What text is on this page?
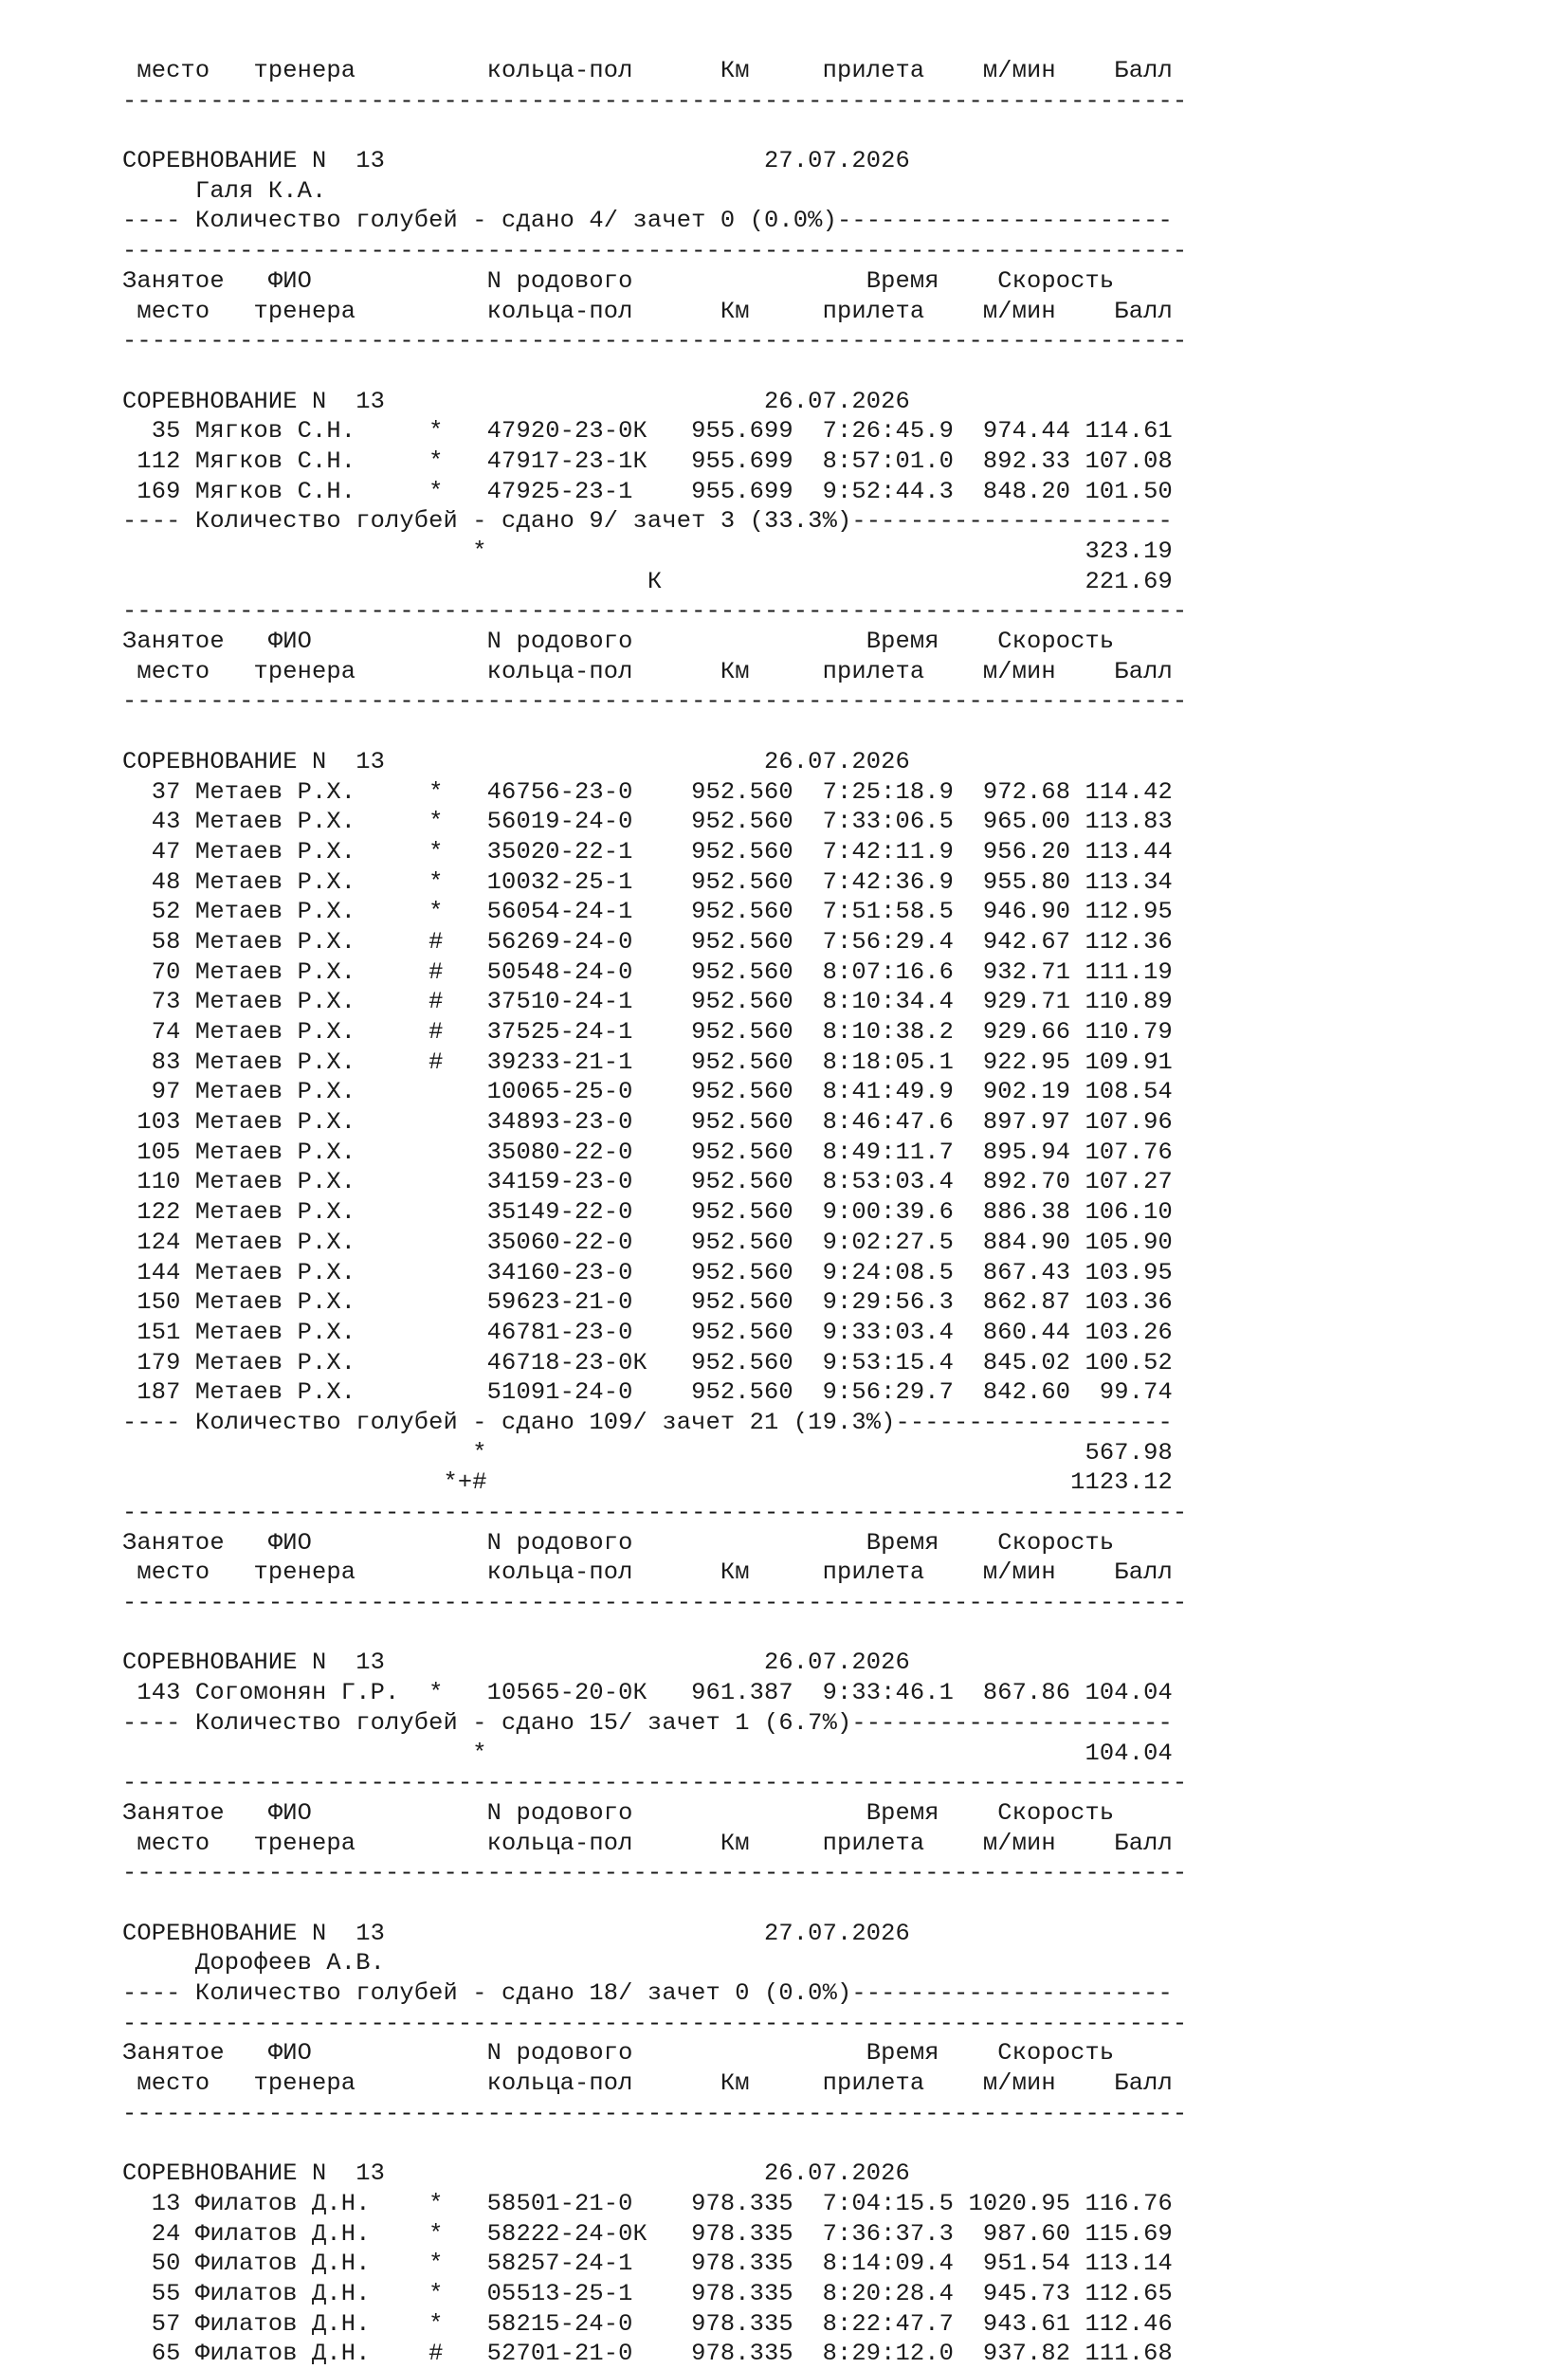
место   тренера         кольца-пол      Км     прилета    м/мин    Балл
-------------------------------------------------------------------------
СОРЕВНОВАНИЕ N  13                          27.07.2026
Галя К.А.
---- Количество голубей - сдано 4/ зачет 0 (0.0%)-----------------------
-------------------------------------------------------------------------
Занятое   ФИО            N родового                Время    Скорость
место   тренера         кольца-пол      Км     прилета    м/мин    Балл
-------------------------------------------------------------------------
СОРЕВНОВАНИЕ N  13                          26.07.2026
35 Мягков С.Н.     *   47920-23-0К   955.699  7:26:45.9  974.44 114.61
112 Мягков С.Н.     *   47917-23-1К   955.699  8:57:01.0  892.33 107.08
169 Мягков С.Н.     *   47925-23-1    955.699  9:52:44.3  848.20 101.50
---- Количество голубей - сдано 9/ зачет 3 (33.3%)----------------------
*                                         323.19
К                             221.69
-------------------------------------------------------------------------
Занятое   ФИО            N родового                Время    Скорость
место   тренера         кольца-пол      Км     прилета    м/мин    Балл
-------------------------------------------------------------------------
СОРЕВНОВАНИЕ N  13                          26.07.2026
37 Метаев Р.Х.     *   46756-23-0    952.560  7:25:18.9  972.68 114.42
43 Метаев Р.Х.     *   56019-24-0    952.560  7:33:06.5  965.00 113.83
47 Метаев Р.Х.     *   35020-22-1    952.560  7:42:11.9  956.20 113.44
48 Метаев Р.Х.     *   10032-25-1    952.560  7:42:36.9  955.80 113.34
52 Метаев Р.Х.     *   56054-24-1    952.560  7:51:58.5  946.90 112.95
58 Метаев Р.Х.     #   56269-24-0    952.560  7:56:29.4  942.67 112.36
70 Метаев Р.Х.     #   50548-24-0    952.560  8:07:16.6  932.71 111.19
73 Метаев Р.Х.     #   37510-24-1    952.560  8:10:34.4  929.71 110.89
74 Метаев Р.Х.     #   37525-24-1    952.560  8:10:38.2  929.66 110.79
83 Метаев Р.Х.     #   39233-21-1    952.560  8:18:05.1  922.95 109.91
97 Метаев Р.Х.         10065-25-0    952.560  8:41:49.9  902.19 108.54
103 Метаев Р.Х.         34893-23-0    952.560  8:46:47.6  897.97 107.96
105 Метаев Р.Х.         35080-22-0    952.560  8:49:11.7  895.94 107.76
110 Метаев Р.Х.         34159-23-0    952.560  8:53:03.4  892.70 107.27
122 Метаев Р.Х.         35149-22-0    952.560  9:00:39.6  886.38 106.10
124 Метаев Р.Х.         35060-22-0    952.560  9:02:27.5  884.90 105.90
144 Метаев Р.Х.         34160-23-0    952.560  9:24:08.5  867.43 103.95
150 Метаев Р.Х.         59623-21-0    952.560  9:29:56.3  862.87 103.36
151 Метаев Р.Х.         46781-23-0    952.560  9:33:03.4  860.44 103.26
179 Метаев Р.Х.         46718-23-0К   952.560  9:53:15.4  845.02 100.52
187 Метаев Р.Х.         51091-24-0    952.560  9:56:29.7  842.60  99.74
---- Количество голубей - сдано 109/ зачет 21 (19.3%)-------------------
*                                         567.98
*+#                                        1123.12
-------------------------------------------------------------------------
Занятое   ФИО            N родового                Время    Скорость
место   тренера         кольца-пол      Км     прилета    м/мин    Балл
-------------------------------------------------------------------------
СОРЕВНОВАНИЕ N  13                          26.07.2026
143 Согомонян Г.Р.  *   10565-20-0К   961.387  9:33:46.1  867.86 104.04
---- Количество голубей - сдано 15/ зачет 1 (6.7%)----------------------
*                                         104.04
-------------------------------------------------------------------------
Занятое   ФИО            N родового                Время    Скорость
место   тренера         кольца-пол      Км     прилета    м/мин    Балл
-------------------------------------------------------------------------
СОРЕВНОВАНИЕ N  13                          27.07.2026
Дорофеев А.В.
---- Количество голубей - сдано 18/ зачет 0 (0.0%)----------------------
-------------------------------------------------------------------------
Занятое   ФИО            N родового                Время    Скорость
место   тренера         кольца-пол      Км     прилета    м/мин    Балл
-------------------------------------------------------------------------
СОРЕВНОВАНИЕ N  13                          26.07.2026
13 Филатов Д.Н.    *   58501-21-0    978.335  7:04:15.5 1020.95 116.76
24 Филатов Д.Н.    *   58222-24-0К   978.335  7:36:37.3  987.60 115.69
50 Филатов Д.Н.    *   58257-24-1    978.335  8:14:09.4  951.54 113.14
55 Филатов Д.Н.    *   05513-25-1    978.335  8:20:28.4  945.73 112.65
57 Филатов Д.Н.    *   58215-24-0    978.335  8:22:47.7  943.61 112.46
65 Филатов Д.Н.    #   52701-21-0    978.335  8:29:12.0  937.82 111.68
